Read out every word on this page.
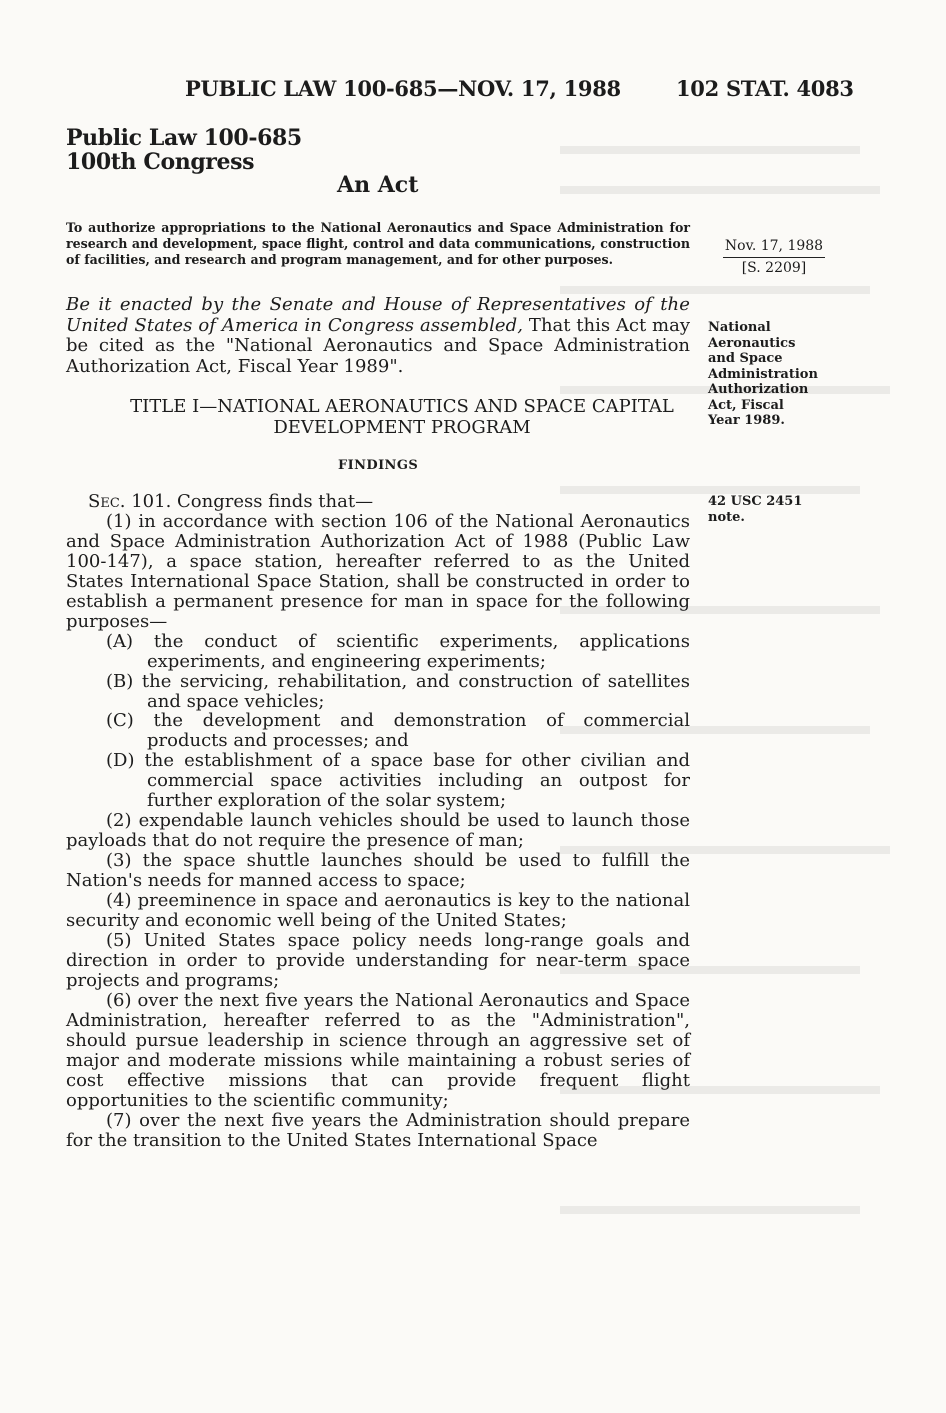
PUBLIC LAW 100-685—NOV. 17, 1988	102 STAT. 4083
Public Law 100-685
100th Congress
An Act
To authorize appropriations to the National Aeronautics and Space Administration for research and development, space flight, control and data communications, construction of facilities, and research and program management, and for other purposes.
Nov. 17, 1988
[S. 2209]
National
Aeronautics
and Space
Administration
Authorization
Act, Fiscal
Year 1989.
42 USC 2451
note.

Be it enacted by the Senate and House of Representatives of the United States of America in Congress assembled, That this Act may be cited as the "National Aeronautics and Space Administration Authorization Act, Fiscal Year 1989".

TITLE I—NATIONAL AERONAUTICS AND SPACE CAPITAL
DEVELOPMENT PROGRAM
FINDINGS

Sec. 101. Congress finds that—

(1) in accordance with section 106 of the National Aeronautics and Space Administration Authorization Act of 1988 (Public Law 100-147), a space station, hereafter referred to as the United States International Space Station, shall be constructed in order to establish a permanent presence for man in space for the following purposes—

(A) the conduct of scientific experiments, applications experiments, and engineering experiments;

(B) the servicing, rehabilitation, and construction of satellites and space vehicles;

(C) the development and demonstration of commercial products and processes; and

(D) the establishment of a space base for other civilian and commercial space activities including an outpost for further exploration of the solar system;

(2) expendable launch vehicles should be used to launch those payloads that do not require the presence of man;

(3) the space shuttle launches should be used to fulfill the Nation's needs for manned access to space;

(4) preeminence in space and aeronautics is key to the national security and economic well being of the United States;

(5) United States space policy needs long-range goals and direction in order to provide understanding for near-term space projects and programs;

(6) over the next five years the National Aeronautics and Space Administration, hereafter referred to as the "Administration", should pursue leadership in science through an aggressive set of major and moderate missions while maintaining a robust series of cost effective missions that can provide frequent flight opportunities to the scientific community;

(7) over the next five years the Administration should prepare for the transition to the United States International Space
